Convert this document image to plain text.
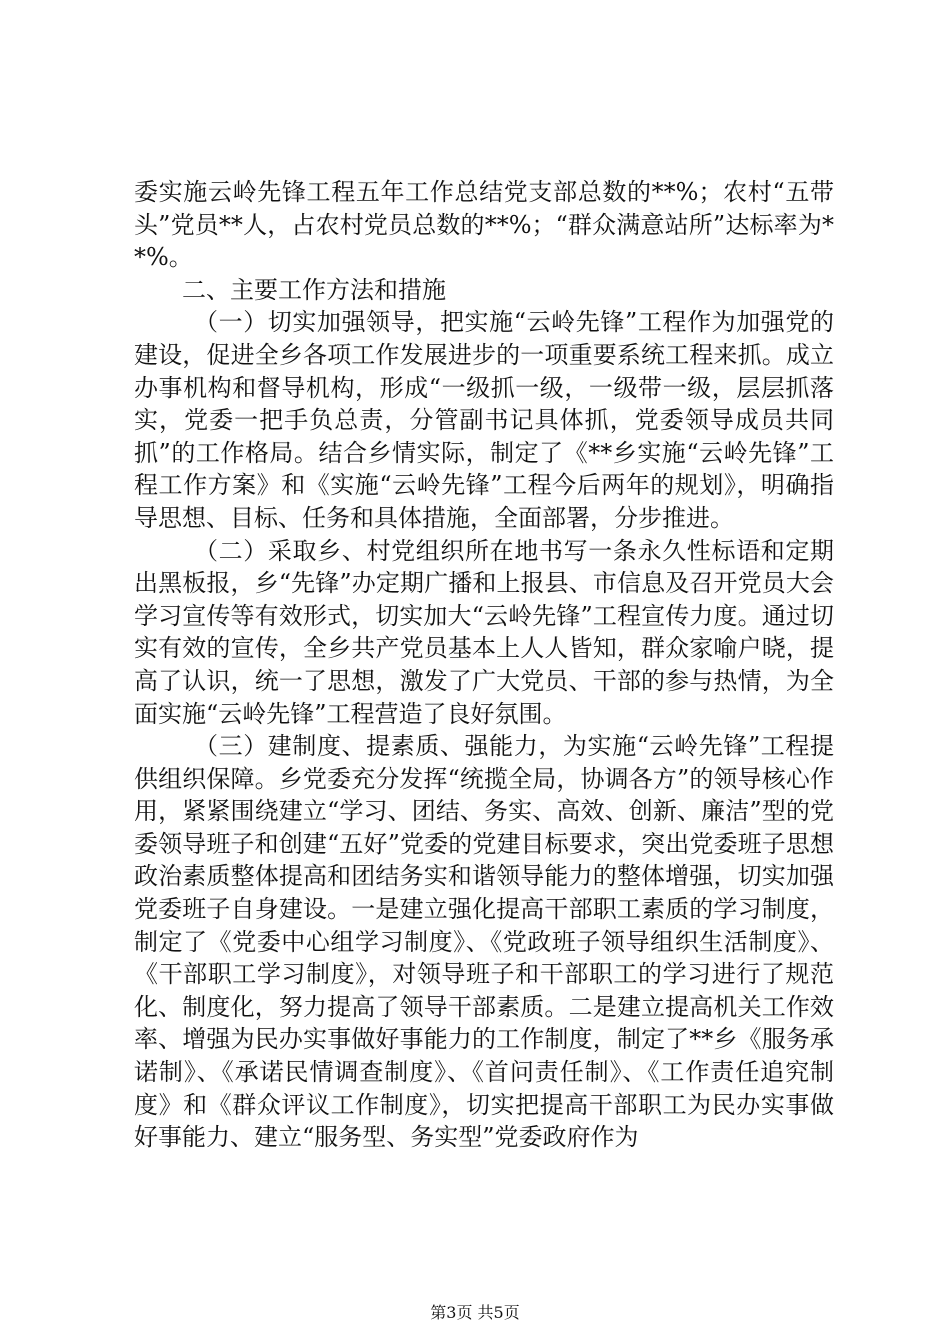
委实施云岭先锋工程五年工作总结党支部总数的**%；农村“五带头”党员**人，占农村党员总数的**%；“群众满意站所”达标率为**%。

二、主要工作方法和措施

（一）切实加强领导，把实施“云岭先锋”工程作为加强党的建设，促进全乡各项工作发展进步的一项重要系统工程来抓。成立办事机构和督导机构，形成“一级抓一级，一级带一级，层层抓落实，党委一把手负总责，分管副书记具体抓，党委领导成员共同抓”的工作格局。结合乡情实际，制定了《**乡实施“云岭先锋”工程工作方案》和《实施“云岭先锋”工程今后两年的规划》，明确指导思想、目标、任务和具体措施，全面部署，分步推进。

（二）采取乡、村党组织所在地书写一条永久性标语和定期出黑板报，乡“先锋”办定期广播和上报县、市信息及召开党员大会学习宣传等有效形式，切实加大“云岭先锋”工程宣传力度。通过切实有效的宣传，全乡共产党员基本上人人皆知，群众家喻户晓，提高了认识，统一了思想，激发了广大党员、干部的参与热情，为全面实施“云岭先锋”工程营造了良好氛围。

（三）建制度、提素质、强能力，为实施“云岭先锋”工程提供组织保障。乡党委充分发挥“统揽全局，协调各方”的领导核心作用，紧紧围绕建立“学习、团结、务实、高效、创新、廉洁”型的党委领导班子和创建“五好”党委的党建目标要求，突出党委班子思想政治素质整体提高和团结务实和谐领导能力的整体增强，切实加强党委班子自身建设。一是建立强化提高干部职工素质的学习制度，制定了《党委中心组学习制度》、《党政班子领导组织生活制度》、《干部职工学习制度》，对领导班子和干部职工的学习进行了规范化、制度化，努力提高了领导干部素质。二是建立提高机关工作效率、增强为民办实事做好事能力的工作制度，制定了**乡《服务承诺制》、《承诺民情调查制度》、《首问责任制》、《工作责任追究制度》和《群众评议工作制度》，切实把提高干部职工为民办实事做好事能力、建立“服务型、务实型”党委政府作为

第3页 共5页
